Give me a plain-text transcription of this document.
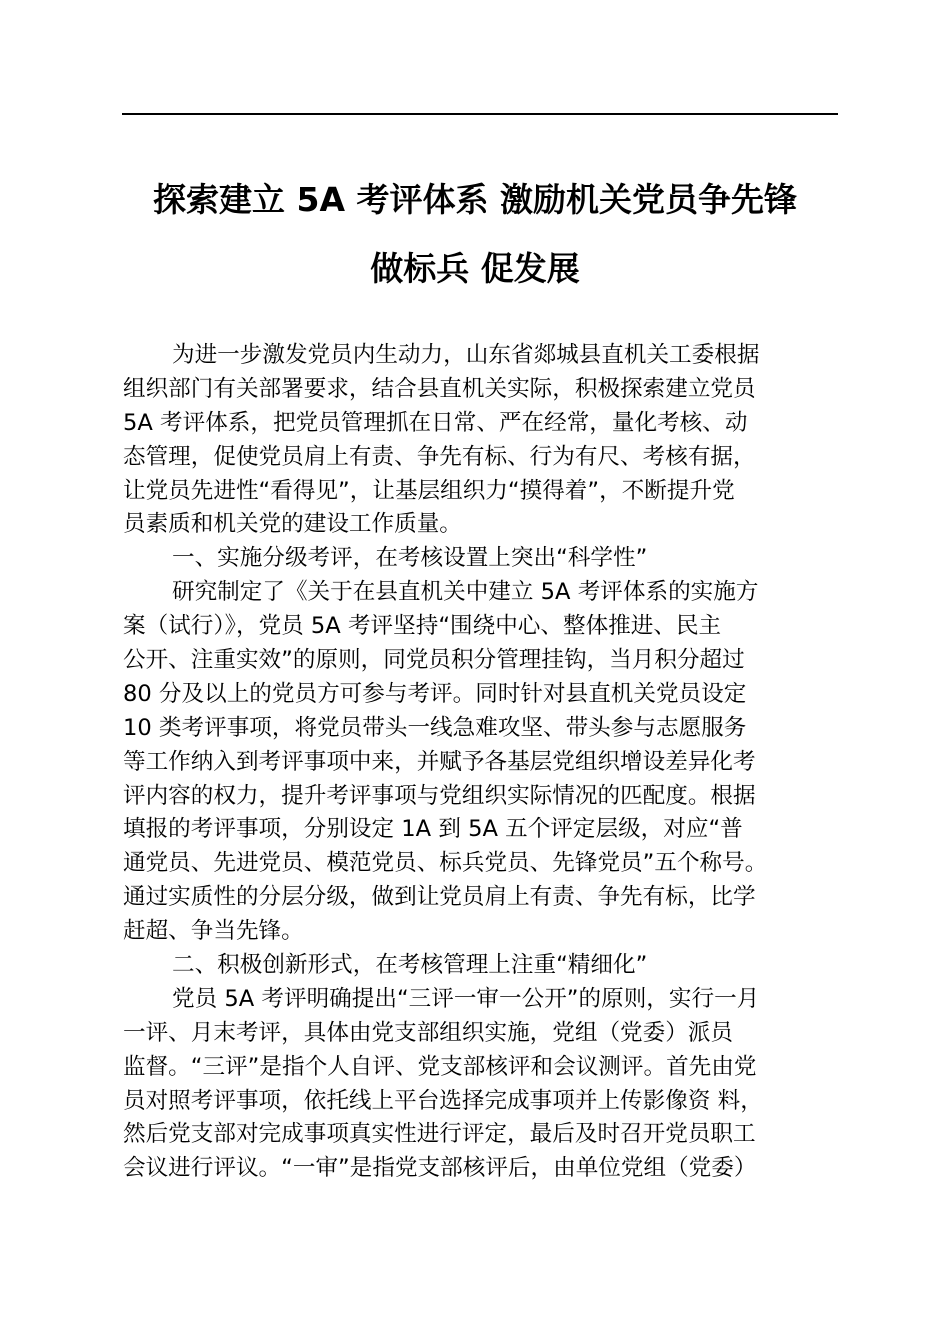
探索建立 5A 考评体系 激励机关党员争先锋
做标兵 促发展
为进一步激发党员内生动力，山东省郯城县直机关工委根据
组织部门有关部署要求，结合县直机关实际，积极探索建立党员
5A 考评体系，把党员管理抓在日常、严在经常，量化考核、动
态管理，促使党员肩上有责、争先有标、行为有尺、考核有据，
让党员先进性“看得见”，让基层组织力“摸得着”，不断提升党
员素质和机关党的建设工作质量。
一、实施分级考评，在考核设置上突出“科学性”
研究制定了《关于在县直机关中建立 5A 考评体系的实施方
案（试行）》，党员 5A 考评坚持“围绕中心、整体推进、民主
公开、注重实效”的原则，同党员积分管理挂钩，当月积分超过
80 分及以上的党员方可参与考评。同时针对县直机关党员设定
10 类考评事项，将党员带头一线急难攻坚、带头参与志愿服务
等工作纳入到考评事项中来，并赋予各基层党组织增设差异化考
评内容的权力，提升考评事项与党组织实际情况的匹配度。根据
填报的考评事项，分别设定 1A 到 5A 五个评定层级，对应“普
通党员、先进党员、模范党员、标兵党员、先锋党员”五个称号。
通过实质性的分层分级，做到让党员肩上有责、争先有标，比学
赶超、争当先锋。
二、积极创新形式，在考核管理上注重“精细化”
党员 5A 考评明确提出“三评一审一公开”的原则，实行一月
一评、月末考评，具体由党支部组织实施，党组（党委）派员
监督。“三评”是指个人自评、党支部核评和会议测评。首先由党
员对照考评事项，依托线上平台选择完成事项并上传影像资 料，
然后党支部对完成事项真实性进行评定，最后及时召开党员职工
会议进行评议。“一审”是指党支部核评后，由单位党组（党委）
